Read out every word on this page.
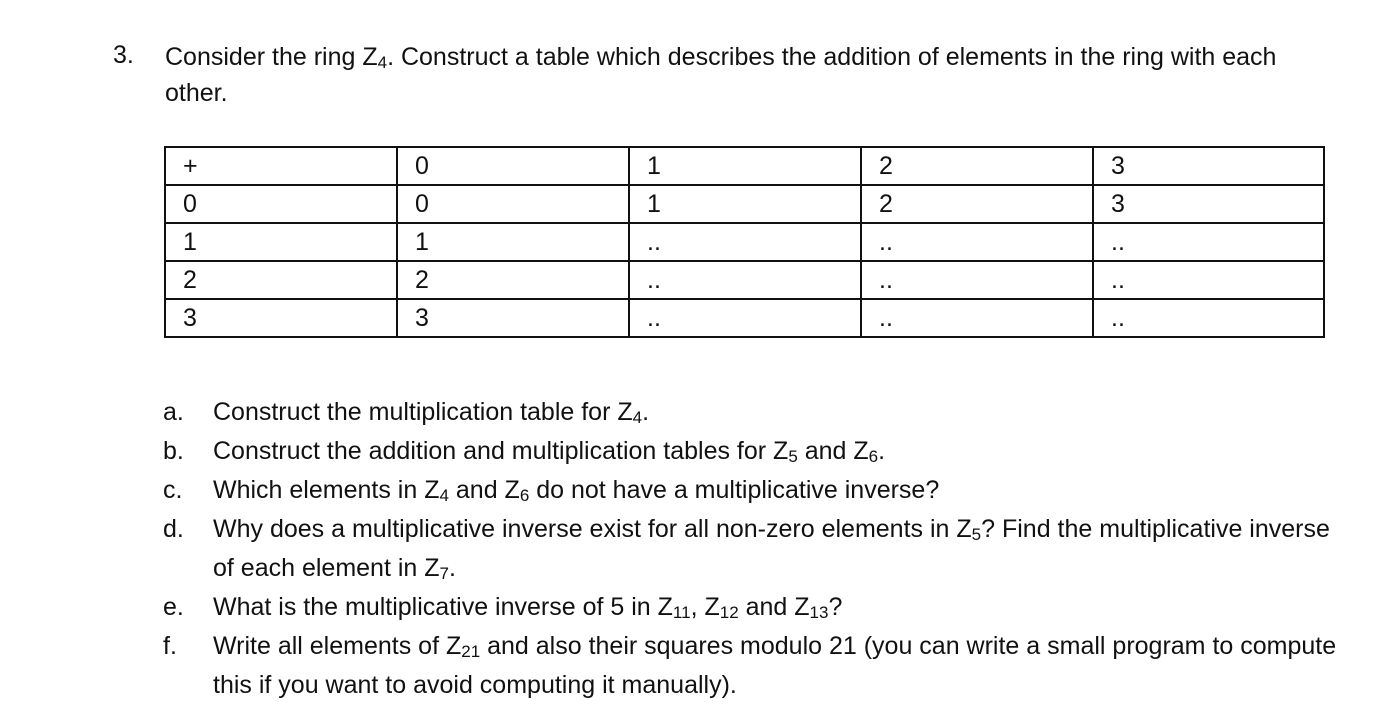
3. Consider the ring $Z_4$. Construct a table which describes the addition of elements in the ring with each other.
+	0	1	2	3
0	0	1	2	3
1	1	..	..	..
2	2	..	..	..
3	3	..	..	..
a.	Construct the multiplication table for $Z_4$.
b.	Construct the addition and multiplication tables for $Z_5$ and $Z_6$.
c.	Which elements in $Z_4$ and $Z_6$ do not have a multiplicative inverse?
d.	Why does a multiplicative inverse exist for all non-zero elements in $Z_5$? Find the multiplicative inverse of each element in $Z_7$.
e.	What is the multiplicative inverse of 5 in $Z_{11}$, $Z_{12}$ and $Z_{13}$?
f.	Write all elements of $Z_{21}$ and also their squares modulo 21 (you can write a small program to compute this if you want to avoid computing it manually).
